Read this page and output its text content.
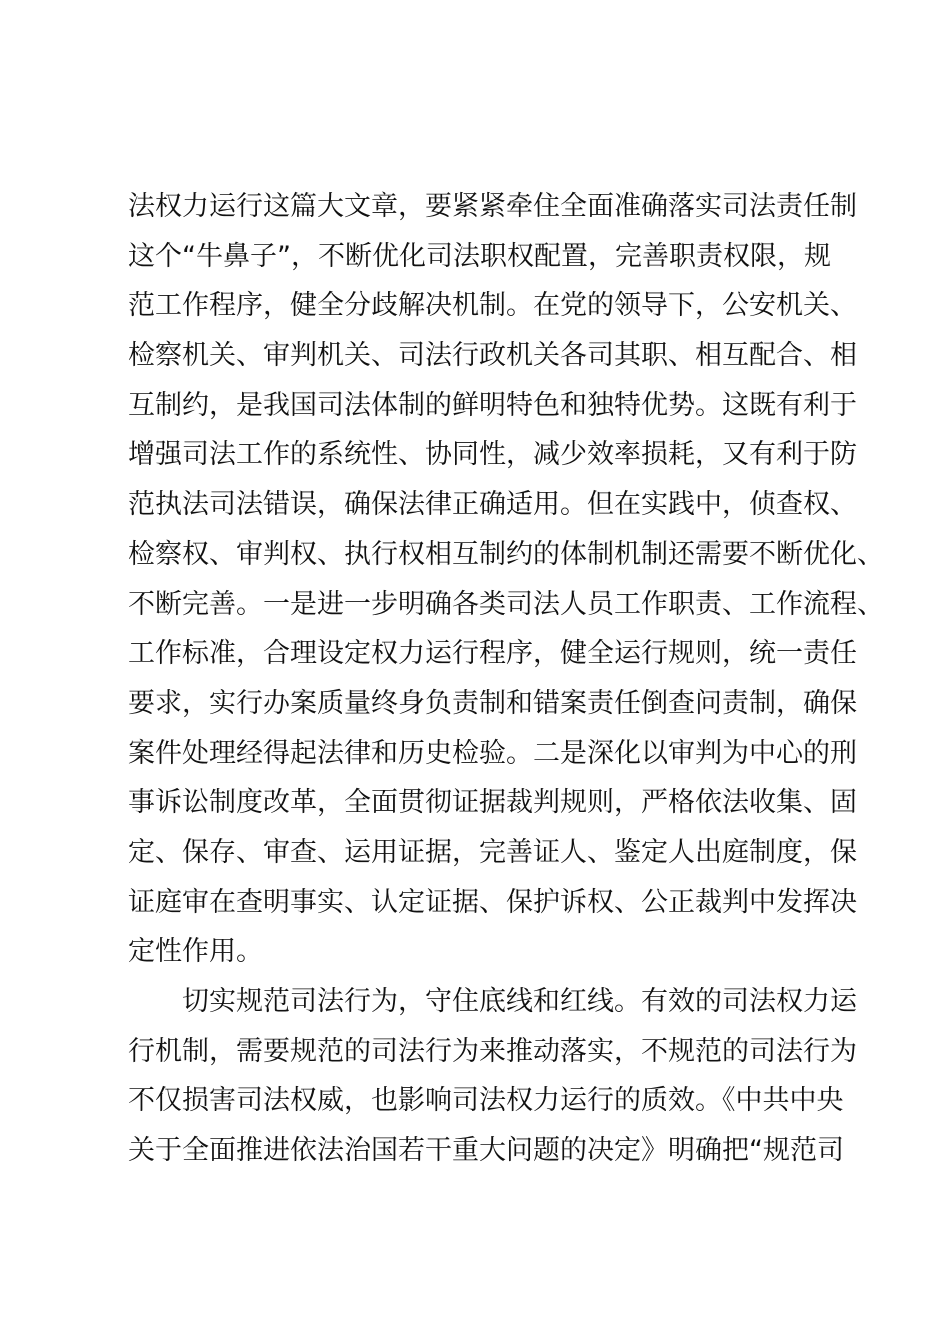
法权力运行这篇大文章，要紧紧牵住全面准确落实司法责任制
这个“牛鼻子”，不断优化司法职权配置，完善职责权限，规
范工作程序，健全分歧解决机制。在党的领导下，公安机关、
检察机关、审判机关、司法行政机关各司其职、相互配合、相
互制约，是我国司法体制的鲜明特色和独特优势。这既有利于
增强司法工作的系统性、协同性，减少效率损耗，又有利于防
范执法司法错误，确保法律正确适用。但在实践中，侦查权、
检察权、审判权、执行权相互制约的体制机制还需要不断优化、
不断完善。一是进一步明确各类司法人员工作职责、工作流程、
工作标准，合理设定权力运行程序，健全运行规则，统一责任
要求，实行办案质量终身负责制和错案责任倒查问责制，确保
案件处理经得起法律和历史检验。二是深化以审判为中心的刑
事诉讼制度改革，全面贯彻证据裁判规则，严格依法收集、固
定、保存、审查、运用证据，完善证人、鉴定人出庭制度，保
证庭审在查明事实、认定证据、保护诉权、公正裁判中发挥决
定性作用。
切实规范司法行为，守住底线和红线。有效的司法权力运
行机制，需要规范的司法行为来推动落实，不规范的司法行为
不仅损害司法权威，也影响司法权力运行的质效。《中共中央
关于全面推进依法治国若干重大问题的决定》明确把“规范司
